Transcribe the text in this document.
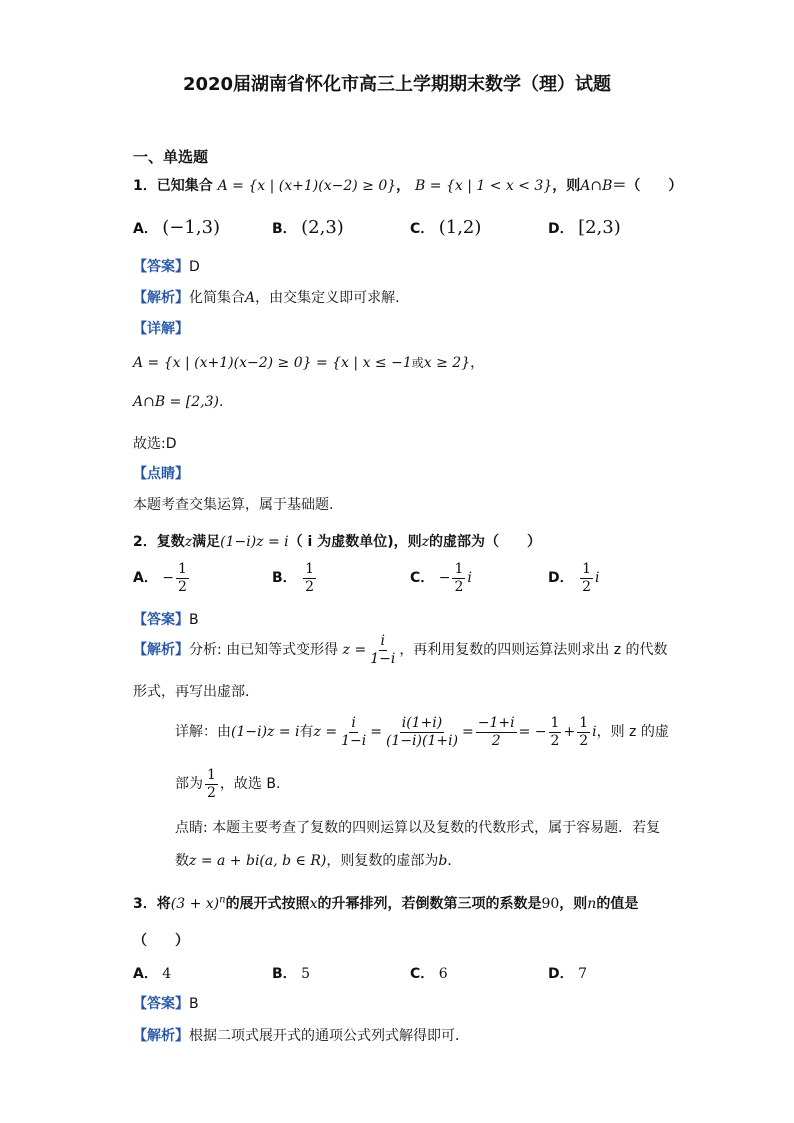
2020届湖南省怀化市高三上学期期末数学（理）试题
一、单选题
1．已知集合 A = {x | (x+1)(x−2) ≥ 0}， B = {x | 1 < x < 3}，则A∩B＝（　　）
A． (−1,3)	B． (2,3)	C． (1,2)	D． [2,3)
【答案】D
【解析】化简集合A，由交集定义即可求解.
【详解】
A = {x | (x+1)(x−2) ≥ 0} = {x | x ≤ −1或x ≥ 2}，
A∩B = [2,3).
故选:D
【点睛】
本题考查交集运算，属于基础题.
2．复数z满足(1−i)z = i（ i 为虚数单位)，则z的虚部为（　　）
A． − $\frac{1}{2}$	B． $\frac{1}{2}$	C． − $\frac{1}{2}$ i	D． $\frac{1}{2}$ i
【答案】B
【解析】分析: 由已知等式变形得 $z = \frac{i}{1-i}$ ，再利用复数的四则运算法则求出 z 的代数
形式，再写出虚部．
详解：由(1−i)z = i有$z = \frac{i}{1-i} = \frac{i(1+i)}{(1-i)(1+i)} = \frac{-1+i}{2}$ = − $\frac{1}{2} + \frac{1}{2}$ i，则 z 的虚
部为 $\frac{1}{2}$ ，故选 B.
点睛: 本题主要考查了复数的四则运算以及复数的代数形式，属于容易题．若复
数z = a + bi(a, b ∈ R)，则复数的虚部为b．
3．将$(3 + x)^n$的展开式按照x的升幂排列，若倒数第三项的系数是90，则n的值是
（　　）
A． 4	B． 5	C． 6	D． 7
【答案】B
【解析】根据二项式展开式的通项公式列式解得即可．
